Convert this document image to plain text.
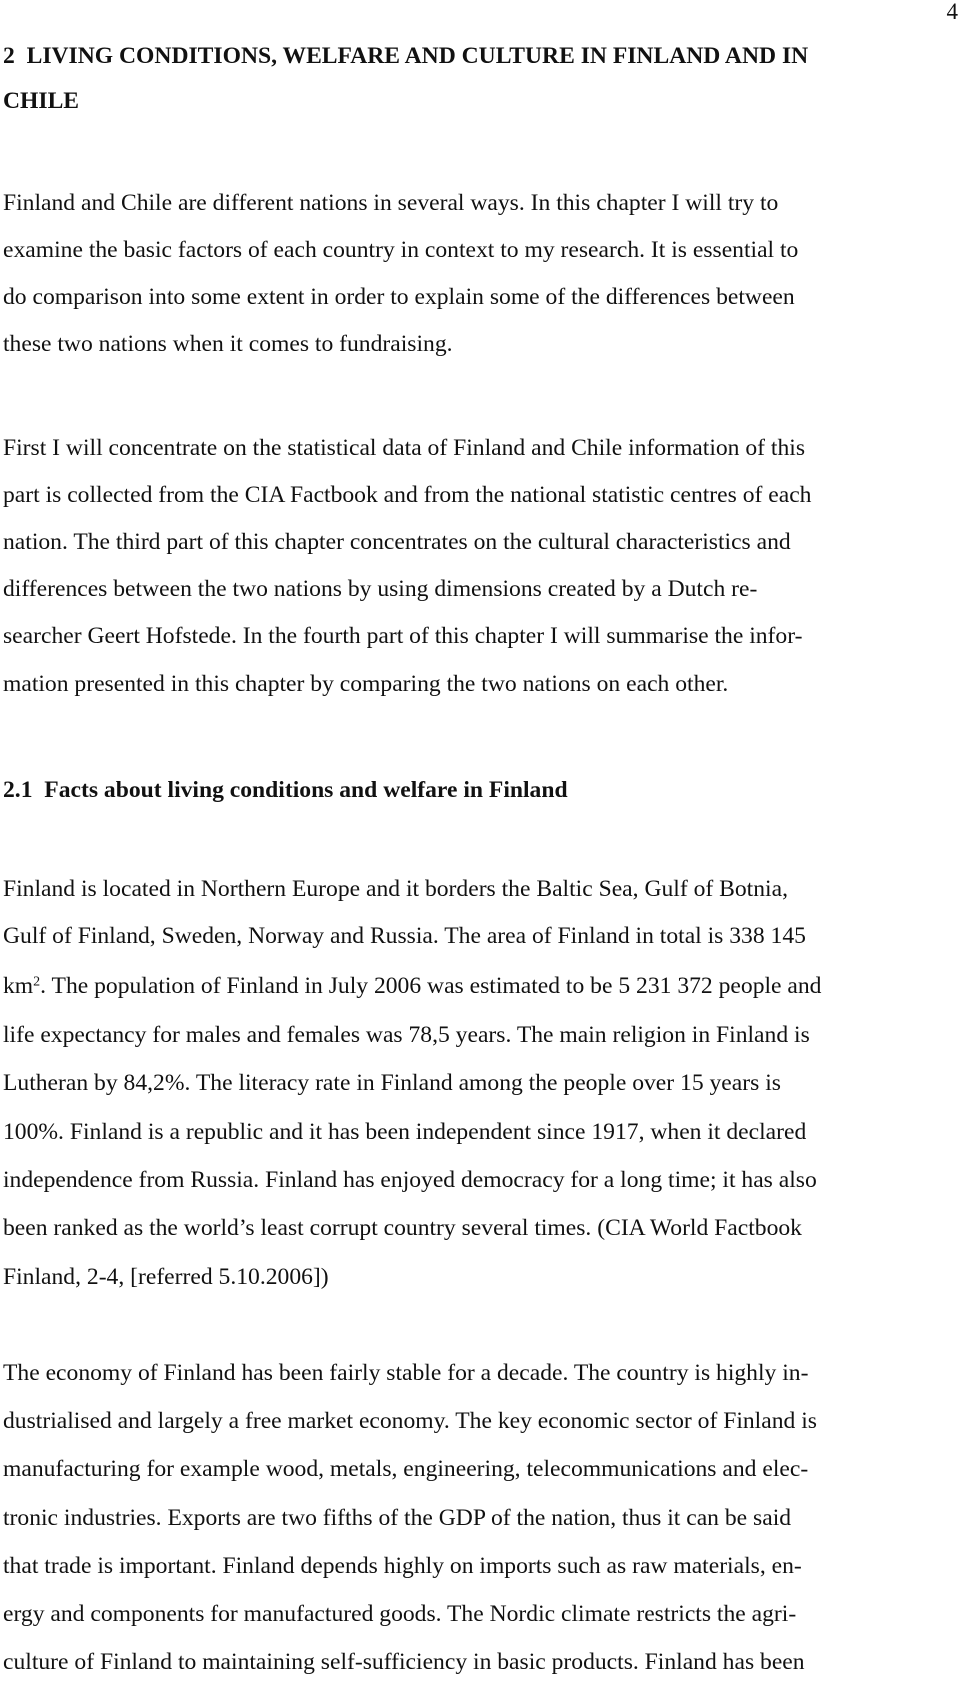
4

2 LIVING CONDITIONS, WELFARE AND CULTURE IN FINLAND AND IN

CHILE

Finland and Chile are different nations in several ways. In this chapter I will try to

examine the basic factors of each country in context to my research. It is essential to

do comparison into some extent in order to explain some of the differences between

these two nations when it comes to fundraising.

First I will concentrate on the statistical data of Finland and Chile information of this

part is collected from the CIA Factbook and from the national statistic centres of each

nation. The third part of this chapter concentrates on the cultural characteristics and

differences between the two nations by using dimensions created by a Dutch re-

searcher Geert Hofstede. In the fourth part of this chapter I will summarise the infor-

mation presented in this chapter by comparing the two nations on each other.

2.1 Facts about living conditions and welfare in Finland

Finland is located in Northern Europe and it borders the Baltic Sea, Gulf of Botnia,

Gulf of Finland, Sweden, Norway and Russia. The area of Finland in total is 338 145

$km^2$. The population of Finland in July 2006 was estimated to be 5 231 372 people and

life expectancy for males and females was 78,5 years. The main religion in Finland is

Lutheran by 84,2%. The literacy rate in Finland among the people over 15 years is

100%. Finland is a republic and it has been independent since 1917, when it declared

independence from Russia. Finland has enjoyed democracy for a long time; it has also

been ranked as the world’s least corrupt country several times. (CIA World Factbook

Finland, 2-4, [referred 5.10.2006])

The economy of Finland has been fairly stable for a decade. The country is highly in-

dustrialised and largely a free market economy. The key economic sector of Finland is

manufacturing for example wood, metals, engineering, telecommunications and elec-

tronic industries. Exports are two fifths of the GDP of the nation, thus it can be said

that trade is important. Finland depends highly on imports such as raw materials, en-

ergy and components for manufactured goods. The Nordic climate restricts the agri-

culture of Finland to maintaining self-sufficiency in basic products. Finland has been
